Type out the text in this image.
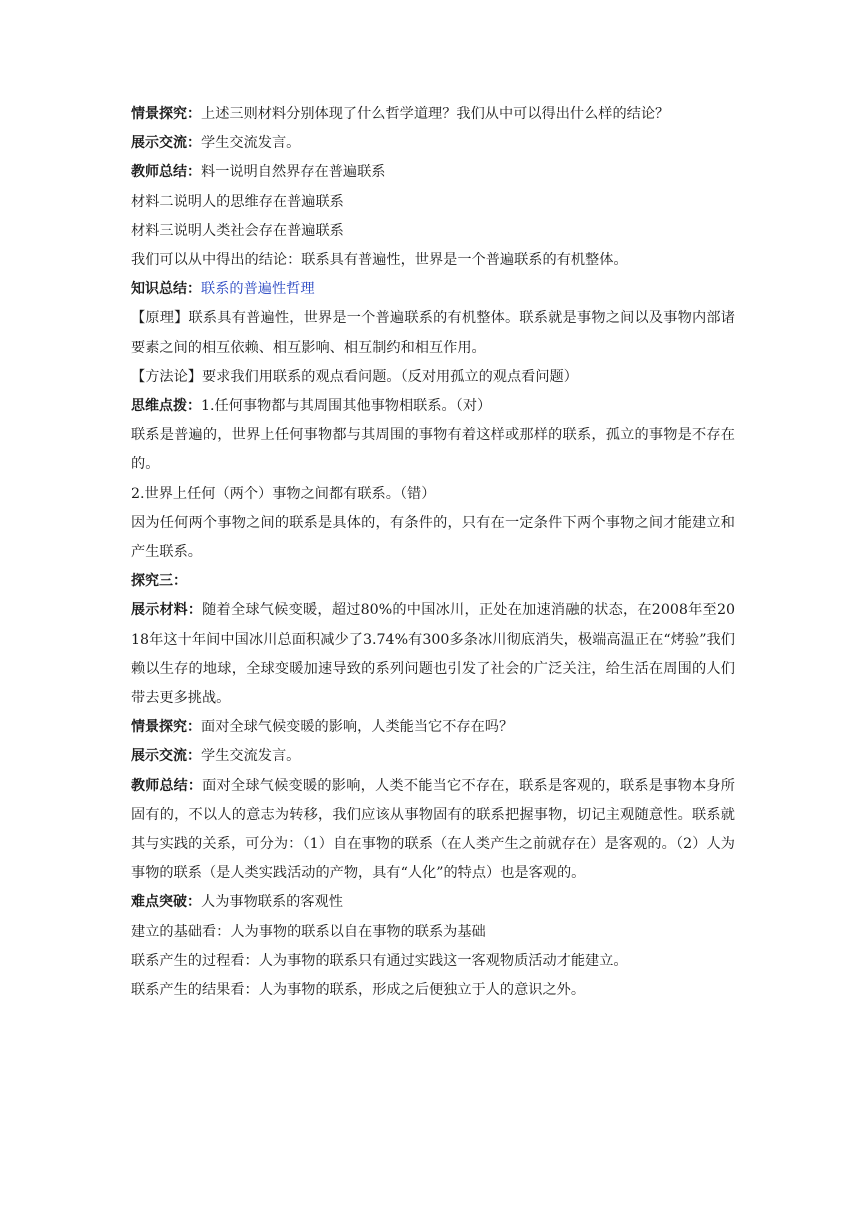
情景探究：上述三则材料分别体现了什么哲学道理？我们从中可以得出什么样的结论？

展示交流：学生交流发言。

教师总结：料一说明自然界存在普遍联系

材料二说明人的思维存在普遍联系

材料三说明人类社会存在普遍联系

我们可以从中得出的结论：联系具有普遍性，世界是一个普遍联系的有机整体。

知识总结：联系的普遍性哲理

【原理】联系具有普遍性，世界是一个普遍联系的有机整体。联系就是事物之间以及事物内部诸要素之间的相互依赖、相互影响、相互制约和相互作用。

【方法论】要求我们用联系的观点看问题。（反对用孤立的观点看问题）

思维点拨：1.任何事物都与其周围其他事物相联系。（对）

联系是普遍的，世界上任何事物都与其周围的事物有着这样或那样的联系，孤立的事物是不存在的。

2.世界上任何（两个）事物之间都有联系。（错）

因为任何两个事物之间的联系是具体的，有条件的，只有在一定条件下两个事物之间才能建立和产生联系。

探究三：

展示材料：随着全球气候变暖，超过80%的中国冰川，正处在加速消融的状态，在2008年至2018年这十年间中国冰川总面积减少了3.74%有300多条冰川彻底消失，极端高温正在“烤验”我们赖以生存的地球，全球变暖加速导致的系列问题也引发了社会的广泛关注，给生活在周围的人们带去更多挑战。

情景探究：面对全球气候变暖的影响，人类能当它不存在吗？

展示交流：学生交流发言。

教师总结：面对全球气候变暖的影响，人类不能当它不存在，联系是客观的，联系是事物本身所固有的，不以人的意志为转移，我们应该从事物固有的联系把握事物，切记主观随意性。联系就其与实践的关系，可分为：（1）自在事物的联系（在人类产生之前就存在）是客观的。（2）人为事物的联系（是人类实践活动的产物，具有“人化”的特点）也是客观的。

难点突破：人为事物联系的客观性

建立的基础看：人为事物的联系以自在事物的联系为基础

联系产生的过程看：人为事物的联系只有通过实践这一客观物质活动才能建立。

联系产生的结果看：人为事物的联系，形成之后便独立于人的意识之外。
